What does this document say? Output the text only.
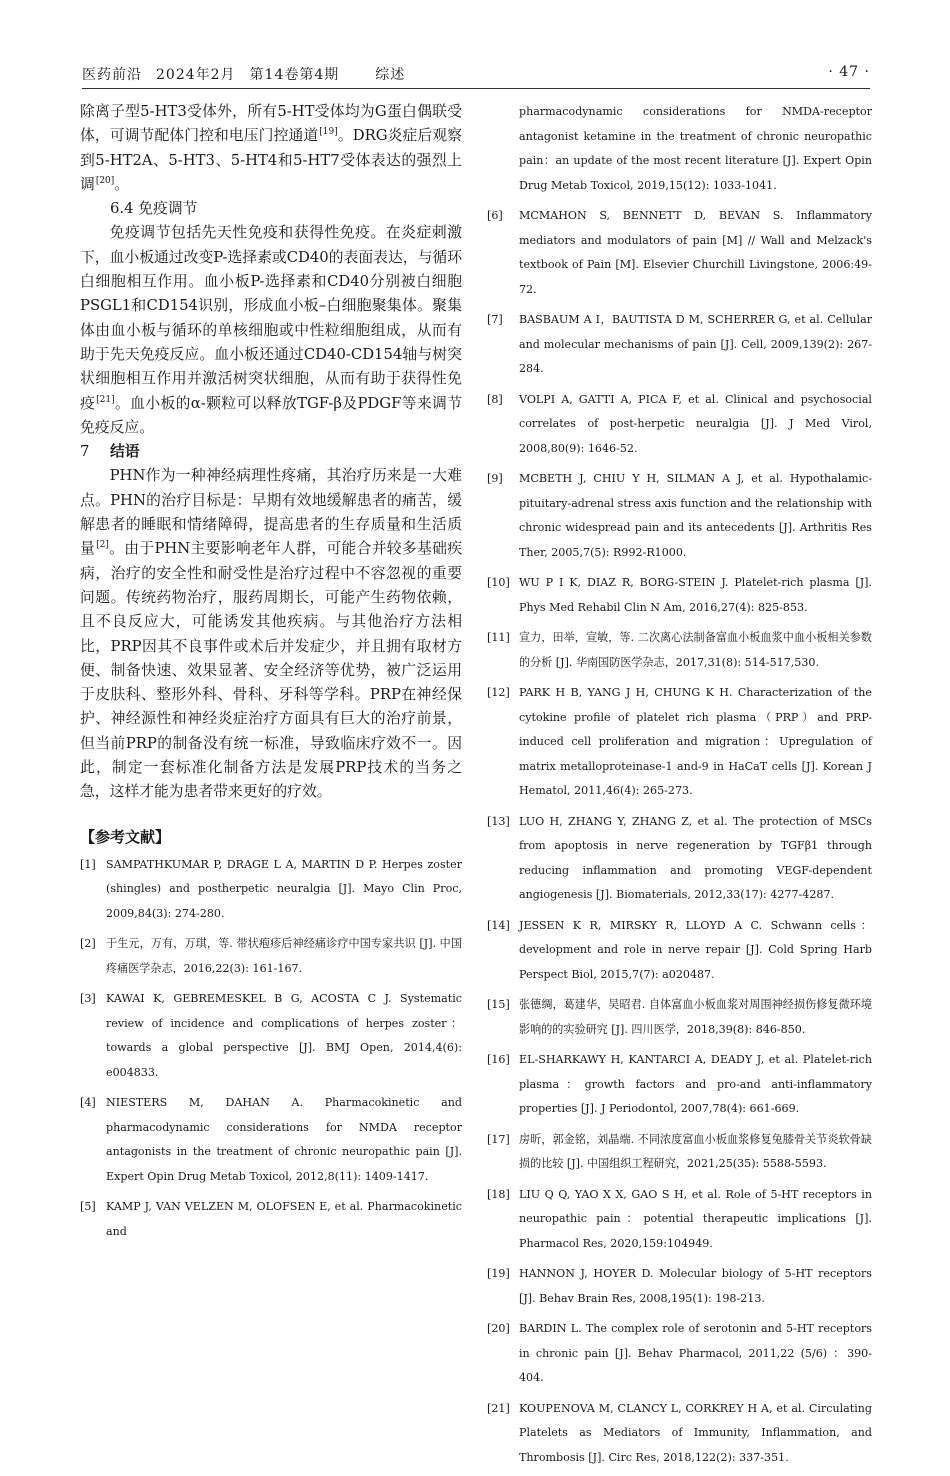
医药前沿 2024年2月 第14卷第4期	综述	· 47 ·

除离子型5-HT3受体外，所有5-HT受体均为G蛋白偶联受体，可调节配体门控和电压门控通道[19]。DRG炎症后观察到5-HT2A、5-HT3、5-HT4和5-HT7受体表达的强烈上调[20]。

6.4 免疫调节

免疫调节包括先天性免疫和获得性免疫。在炎症刺激下，血小板通过改变P-选择素或CD40的表面表达，与循环白细胞相互作用。血小板P-选择素和CD40分别被白细胞PSGL1和CD154识别，形成血小板–白细胞聚集体。聚集体由血小板与循环的单核细胞或中性粒细胞组成，从而有助于先天免疫反应。血小板还通过CD40-CD154轴与树突状细胞相互作用并激活树突状细胞，从而有助于获得性免疫[21]。血小板的α-颗粒可以释放TGF-β及PDGF等来调节免疫反应。

7 结语

PHN作为一种神经病理性疼痛，其治疗历来是一大难点。PHN的治疗目标是：早期有效地缓解患者的痛苦，缓解患者的睡眠和情绪障碍，提高患者的生存质量和生活质量[2]。由于PHN主要影响老年人群，可能合并较多基础疾病，治疗的安全性和耐受性是治疗过程中不容忽视的重要问题。传统药物治疗，服药周期长，可能产生药物依赖，且不良反应大，可能诱发其他疾病。与其他治疗方法相比，PRP因其不良事件或术后并发症少，并且拥有取材方便、制备快速、效果显著、安全经济等优势，被广泛运用于皮肤科、整形外科、骨科、牙科等学科。PRP在神经保护、神经源性和神经炎症治疗方面具有巨大的治疗前景，但当前PRP的制备没有统一标准，导致临床疗效不一。因此，制定一套标准化制备方法是发展PRP技术的当务之急，这样才能为患者带来更好的疗效。

【参考文献】

[1] SAMPATHKUMAR P, DRAGE L A, MARTIN D P. Herpes zoster (shingles) and postherpetic neuralgia [J]. Mayo Clin Proc, 2009,84(3): 274-280.

[2] 于生元，万有，万琪，等. 带状疱疹后神经痛诊疗中国专家共识 [J]. 中国疼痛医学杂志，2016,22(3): 161-167.

[3] KAWAI K, GEBREMESKEL B G, ACOSTA C J. Systematic review of incidence and complications of herpes zoster：towards a global perspective [J]. BMJ Open, 2014,4(6): e004833.

[4] NIESTERS M, DAHAN A. Pharmacokinetic and pharmacodynamic considerations for NMDA receptor antagonists in the treatment of chronic neuropathic pain [J]. Expert Opin Drug Metab Toxicol, 2012,8(11): 1409-1417.

[5] KAMP J, VAN VELZEN M, OLOFSEN E, et al. Pharmacokinetic and

pharmacodynamic considerations for NMDA-receptor antagonist ketamine in the treatment of chronic neuropathic pain：an update of the most recent literature [J]. Expert Opin Drug Metab Toxicol, 2019,15(12): 1033-1041.

[6] MCMAHON S, BENNETT D, BEVAN S. Inflammatory mediators and modulators of pain [M] // Wall and Melzack's textbook of Pain [M]. Elsevier Churchill Livingstone, 2006:49-72.

[7] BASBAUM A I，BAUTISTA D M, SCHERRER G, et al. Cellular and molecular mechanisms of pain [J]. Cell, 2009,139(2): 267-284.

[8] VOLPI A, GATTI A, PICA F, et al. Clinical and psychosocial correlates of post-herpetic neuralgia [J]. J Med Virol, 2008,80(9): 1646-52.

[9] MCBETH J, CHIU Y H, SILMAN A J, et al. Hypothalamic-pituitary-adrenal stress axis function and the relationship with chronic widespread pain and its antecedents [J]. Arthritis Res Ther, 2005,7(5): R992-R1000.

[10] WU P I K, DIAZ R, BORG-STEIN J. Platelet-rich plasma [J]. Phys Med Rehabil Clin N Am, 2016,27(4): 825-853.

[11] 宣力，田举，宣敏，等. 二次离心法制备富血小板血浆中血小板相关参数的分析 [J]. 华南国防医学杂志，2017,31(8): 514-517,530.

[12] PARK H B, YANG J H, CHUNG K H. Characterization of the cytokine profile of platelet rich plasma（PRP）and PRP-induced cell proliferation and migration：Upregulation of matrix metalloproteinase-1 and-9 in HaCaT cells [J]. Korean J Hematol, 2011,46(4): 265-273.

[13] LUO H, ZHANG Y, ZHANG Z, et al. The protection of MSCs from apoptosis in nerve regeneration by TGFβ1 through reducing inflammation and promoting VEGF-dependent angiogenesis [J]. Biomaterials, 2012,33(17): 4277-4287.

[14] JESSEN K R, MIRSKY R, LLOYD A C. Schwann cells：development and role in nerve repair [J]. Cold Spring Harb Perspect Biol, 2015,7(7): a020487.

[15] 张德绸，葛建华，吴昭君. 自体富血小板血浆对周围神经损伤修复微环境影响的的实验研究 [J]. 四川医学，2018,39(8): 846-850.

[16] EL-SHARKAWY H, KANTARCI A, DEADY J, et al. Platelet-rich plasma：growth factors and pro-and anti-inflammatory properties [J]. J Periodontol, 2007,78(4): 661-669.

[17] 房昕，郭金铭，刘晶端. 不同浓度富血小板血浆修复兔膝骨关节炎软骨缺损的比较 [J]. 中国组织工程研究，2021,25(35): 5588-5593.

[18] LIU Q Q, YAO X X, GAO S H, et al. Role of 5-HT receptors in neuropathic pain：potential therapeutic implications [J]. Pharmacol Res, 2020,159:104949.

[19] HANNON J, HOYER D. Molecular biology of 5-HT receptors [J]. Behav Brain Res, 2008,195(1): 198-213.

[20] BARDIN L. The complex role of serotonin and 5-HT receptors in chronic pain [J]. Behav Pharmacol, 2011,22 (5/6) ：390-404.

[21] KOUPENOVA M, CLANCY L, CORKREY H A, et al. Circulating Platelets as Mediators of Immunity, Inflammation, and Thrombosis [J]. Circ Res, 2018,122(2): 337-351.
